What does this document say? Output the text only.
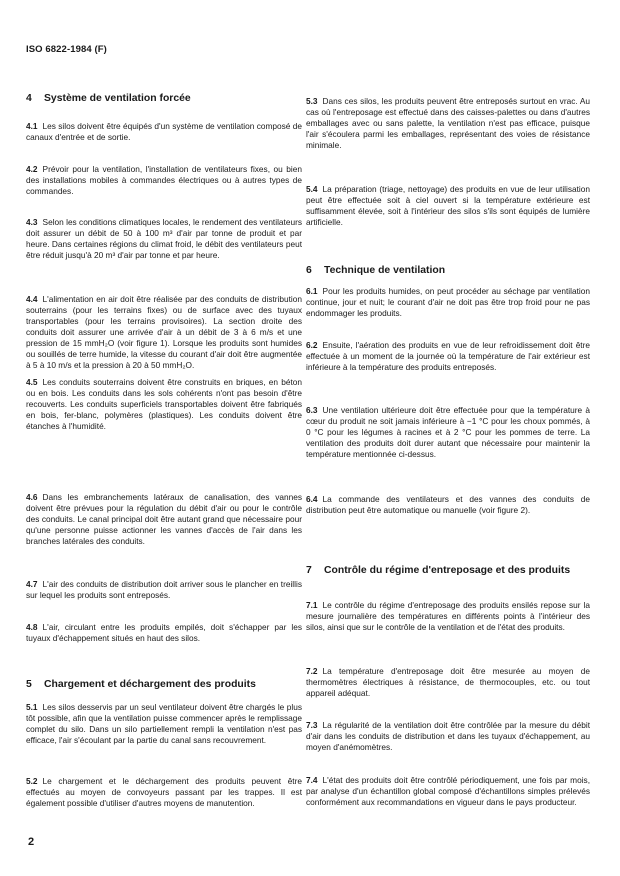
ISO 6822-1984 (F)
4	Système de ventilation forcée
4.1 Les silos doivent être équipés d'un système de ventilation composé de canaux d'entrée et de sortie.
4.2 Prévoir pour la ventilation, l'installation de ventilateurs fixes, ou bien des installations mobiles à commandes électriques ou à autres types de commandes.
4.3 Selon les conditions climatiques locales, le rendement des ventilateurs doit assurer un débit de 50 à 100 m³ d'air par tonne de produit et par heure. Dans certaines régions du climat froid, le débit des ventilateurs peut être réduit jusqu'à 20 m³ d'air par tonne et par heure.
4.4 L'alimentation en air doit être réalisée par des conduits de distribution souterrains (pour les terrains fixes) ou de surface avec des tuyaux transportables (pour les terrains provisoires). La section droite des conduits doit assurer une arrivée d'air à un débit de 3 à 6 m/s et une pression de 15 mmH₂O (voir figure 1). Lorsque les produits sont humides ou souillés de terre humide, la vitesse du courant d'air doit être augmentée à 5 à 10 m/s et la pression à 20 à 50 mmH₂O.
4.5 Les conduits souterrains doivent être construits en briques, en béton ou en bois. Les conduits dans les sols cohérents n'ont pas besoin d'être recouverts. Les conduits superficiels transportables doivent être fabriqués en bois, fer-blanc, polymères (plastiques). Les conduits doivent être étanches à l'humidité.
4.6 Dans les embranchements latéraux de canalisation, des vannes doivent être prévues pour la régulation du débit d'air ou pour le contrôle des conduits. Le canal principal doit être autant grand que nécessaire pour qu'une personne puisse actionner les vannes d'accès de l'air dans les branches latérales des conduits.
4.7 L'air des conduits de distribution doit arriver sous le plancher en treillis sur lequel les produits sont entreposés.
4.8 L'air, circulant entre les produits empilés, doit s'échapper par les tuyaux d'échappement situés en haut des silos.
5	Chargement et déchargement des produits
5.1 Les silos desservis par un seul ventilateur doivent être chargés le plus tôt possible, afin que la ventilation puisse commencer après le remplissage complet du silo. Dans un silo partiellement rempli la ventilation n'est pas efficace, l'air s'écoulant par la partie du canal sans recouvrement.
5.2 Le chargement et le déchargement des produits peuvent être effectués au moyen de convoyeurs passant par les trappes. Il est également possible d'utiliser d'autres moyens de manutention.
5.3 Dans ces silos, les produits peuvent être entreposés surtout en vrac. Au cas où l'entreposage est effectué dans des caisses-palettes ou dans d'autres emballages avec ou sans palette, la ventilation n'est pas efficace, puisque l'air s'écoulera parmi les emballages, représentant des voies de résistance minimale.
5.4 La préparation (triage, nettoyage) des produits en vue de leur utilisation peut être effectuée soit à ciel ouvert si la température extérieure est suffisamment élevée, soit à l'intérieur des silos s'ils sont équipés de lumière artificielle.
6	Technique de ventilation
6.1 Pour les produits humides, on peut procéder au séchage par ventilation continue, jour et nuit; le courant d'air ne doit pas être trop froid pour ne pas endommager les produits.
6.2 Ensuite, l'aération des produits en vue de leur refroidissement doit être effectuée à un moment de la journée où la température de l'air extérieur est inférieure à la température des produits entreposés.
6.3 Une ventilation ultérieure doit être effectuée pour que la température à cœur du produit ne soit jamais inférieure à −1 °C pour les choux pommés, à 0 °C pour les légumes à racines et à 2 °C pour les pommes de terre. La ventilation des produits doit durer autant que nécessaire pour maintenir la température mentionnée ci-dessus.
6.4 La commande des ventilateurs et des vannes des conduits de distribution peut être automatique ou manuelle (voir figure 2).
7	Contrôle du régime d'entreposage et des produits
7.1 Le contrôle du régime d'entreposage des produits ensilés repose sur la mesure journalière des températures en différents points à l'intérieur des silos, ainsi que sur le contrôle de la ventilation et de l'état des produits.
7.2 La température d'entreposage doit être mesurée au moyen de thermomètres électriques à résistance, de thermocouples, etc. ou tout appareil adéquat.
7.3 La régularité de la ventilation doit être contrôlée par la mesure du débit d'air dans les conduits de distribution et dans les tuyaux d'échappement, au moyen d'anémomètres.
7.4 L'état des produits doit être contrôlé périodiquement, une fois par mois, par analyse d'un échantillon global composé d'échantillons simples prélevés conformément aux recommandations en vigueur dans le pays producteur.
2
